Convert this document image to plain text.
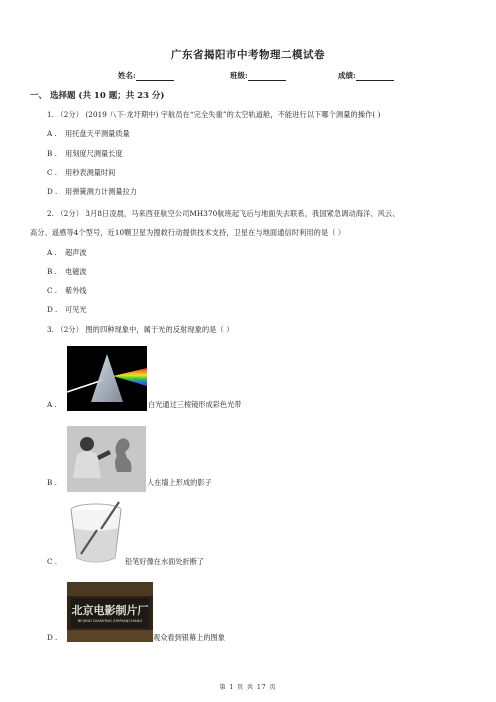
广东省揭阳市中考物理二模试卷
姓名:	班级:	成绩:
一、 选择题 (共 10 题；共 23 分)
1. （2分） (2019 八下·龙圩期中) 宇航员在“完全失重”的太空轨道舱，不能进行以下哪个测量的操作( )
A . 用托盘天平测量质量
B . 用刻度尺测量长度
C . 用秒表测量时间
D . 用弹簧测力计测量拉力
2. （2分） 3月8日凌晨，马来西亚航空公司MH370航班起飞后与地面失去联系，我国紧急调动海洋、风云、
高分、遥感等4个型号，近10颗卫星为搜救行动提供技术支持，卫星在与地面通信时利用的是（ ）
A . 超声波
B . 电磁波
C . 紫外线
D . 可见光
3. （2分） 图的四种现象中，属于光的反射现象的是（ ）
A .	白光通过三棱镜形成彩色光带
B .	人在墙上形成的影子
C .	铅笔好像在水面处折断了
北京电影制片厂
BEIJING DIANYING ZHIPIANCHANG
D .	观众看到银幕上的图象
第 1 页 共 17 页
